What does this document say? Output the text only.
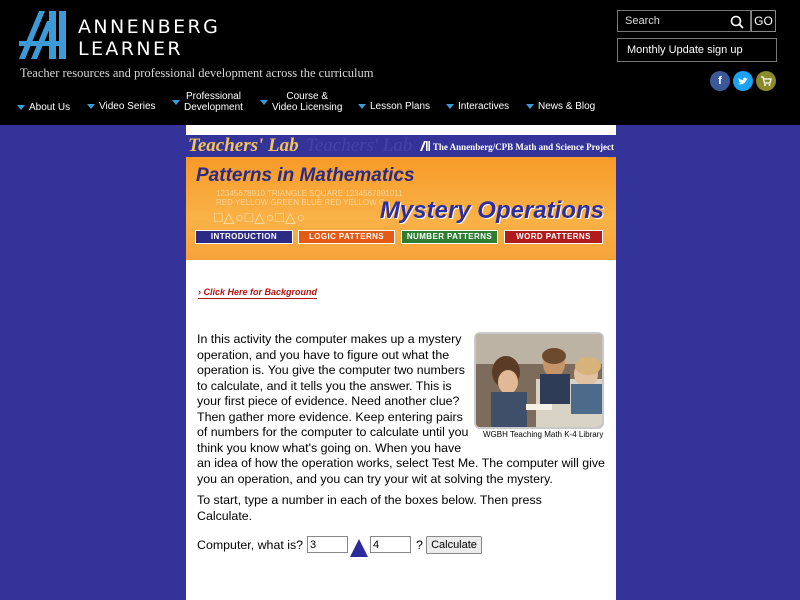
ANNENBERG
LEARNER
Teacher resources and professional development across the curriculum
Search
GO
Monthly Update sign up
f
About Us	Video Series
Professional
Development
Course &
Video Licensing	Lesson Plans	Interactives	News & Blog
Teachers' Lab Teachers' Lab	The Annenberg/CPB Math and Science Project
12345678910 TRIANGLE SQUARE 1234567891011
RED YELLOW GREEN BLUE RED YELLOW G
□△○□△○□△○
Patterns in Mathematics
Mystery Operations
INTRODUCTION	LOGIC PATTERNS	NUMBER PATTERNS	WORD PATTERNS
› Click Here for Background
WGBH Teaching Math K-4 Library
In this activity the computer makes up a mystery operation, and you have to figure out what the operation is. You give the computer two numbers to calculate, and it tells you the answer. This is your first piece of evidence. Need another clue? Then gather more evidence. Keep entering pairs of numbers for the computer to calculate until you think you know what's going on. When you have an idea of how the operation works, select Test Me. The computer will give you an operation, and you can try your wit at solving the mystery.
To start, type a number in each of the boxes below. Then press Calculate.
Computer, what is?
3
4	? Calculate
